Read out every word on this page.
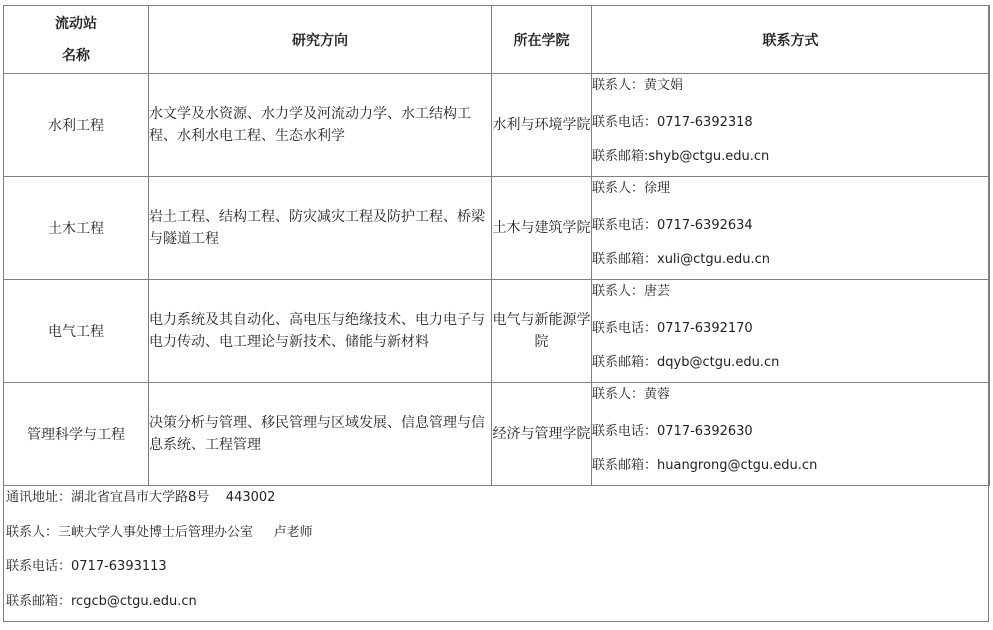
流动站
名称	研究方向	所在学院	联系方式
水利工程	水文学及水资源、水力学及河流动力学、水工结构工程、水利水电工程、生态水利学	水利与环境学院	联系人：黄文娟
联系电话：0717-6392318
联系邮箱:shyb@ctgu.edu.cn

土木工程	岩土工程、结构工程、防灾减灾工程及防护工程、桥梁与隧道工程	土木与建筑学院	联系人：徐理
联系电话：0717-6392634
联系邮箱：xuli@ctgu.edu.cn

电气工程	电力系统及其自动化、高电压与绝缘技术、电力电子与电力传动、电工理论与新技术、储能与新材料	电气与新能源学院	联系人：唐芸
联系电话：0717-6392170
联系邮箱：dqyb@ctgu.edu.cn

管理科学与工程	决策分析与管理、移民管理与区域发展、信息管理与信息系统、工程管理	经济与管理学院	联系人：黄蓉
联系电话：0717-6392630
联系邮箱：huangrong@ctgu.edu.cn
通讯地址：湖北省宜昌市大学路8号    443002
联系人：三峡大学人事处博士后管理办公室     卢老师
联系电话：0717-6393113
联系邮箱：rcgcb@ctgu.edu.cn
